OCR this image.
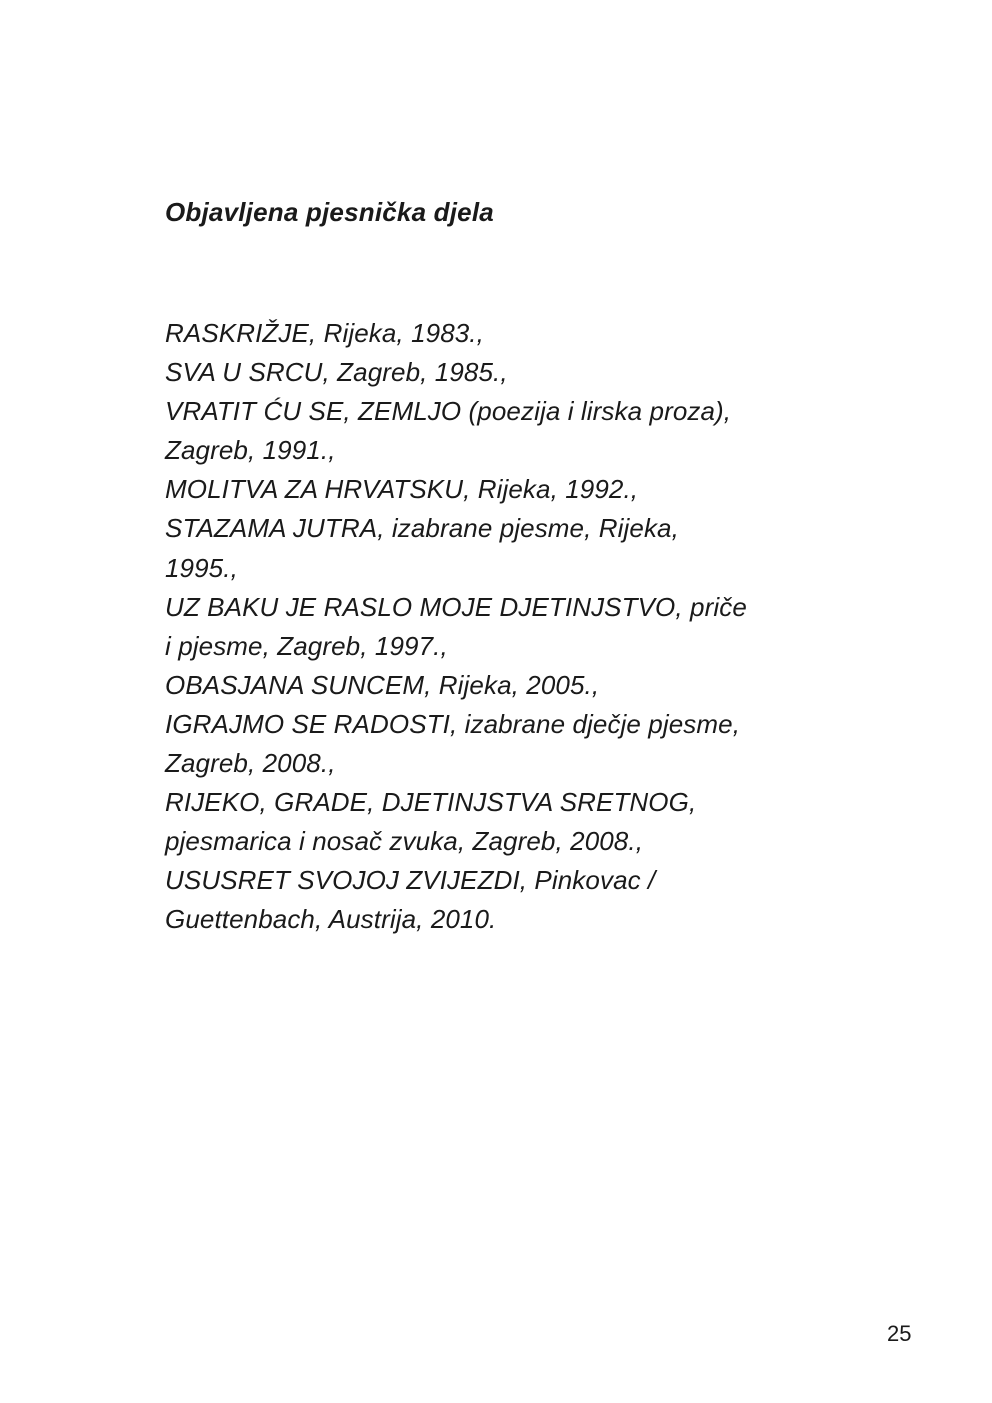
Objavljena pjesnička djela
RASKRIŽJE, Rijeka, 1983.,
SVA U SRCU, Zagreb, 1985.,
VRATIT ĆU SE, ZEMLJO (poezija i lirska proza),
Zagreb, 1991.,
MOLITVA ZA HRVATSKU, Rijeka, 1992.,
STAZAMA JUTRA, izabrane pjesme, Rijeka,
1995.,
UZ BAKU JE RASLO MOJE DJETINJSTVO, priče
i pjesme, Zagreb, 1997.,
OBASJANA SUNCEM, Rijeka, 2005.,
IGRAJMO SE RADOSTI, izabrane dječje pjesme,
Zagreb, 2008.,
RIJEKO, GRADE, DJETINJSTVA SRETNOG,
pjesmarica i nosač zvuka, Zagreb, 2008.,
USUSRET SVOJOJ ZVIJEZDI, Pinkovac /
Guettenbach, Austrija, 2010.
25
